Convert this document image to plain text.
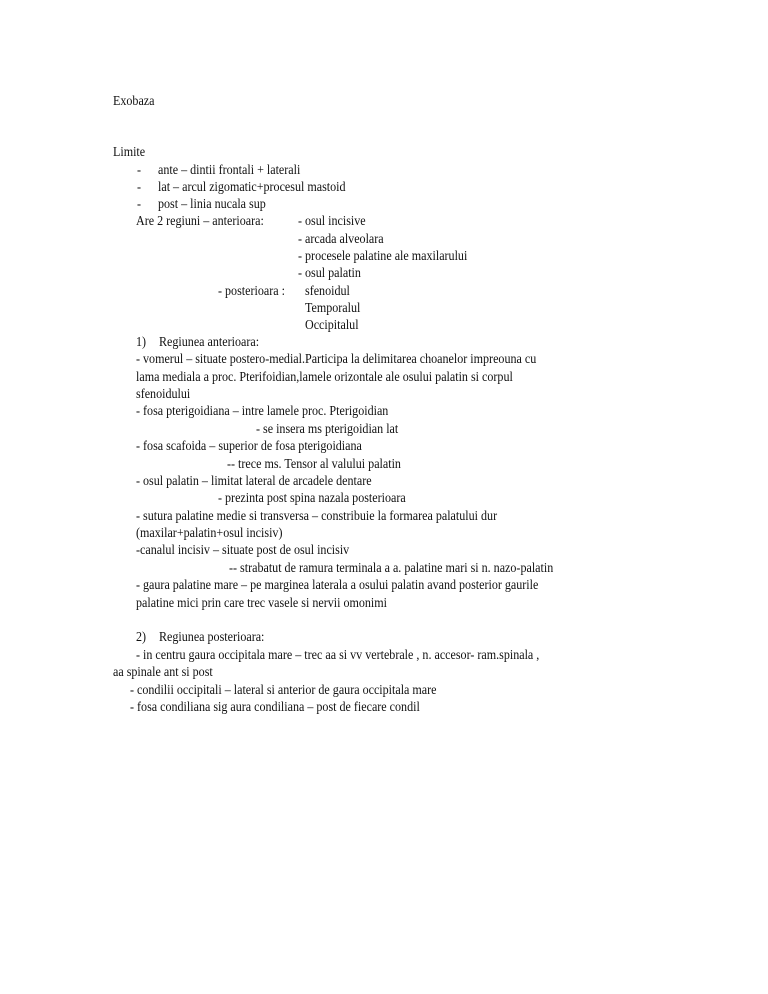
Exobaza
Limite
- ante – dintii frontali + laterali
- lat – arcul zigomatic+procesul mastoid
- post – linia nucala sup
Are 2 regiuni – anterioara:	- osul incisive
- arcada alveolara
- procesele palatine ale maxilarului
- osul palatin
- posterioara : sfenoidul
Temporalul
Occipitalul
1) Regiunea anterioara:
- vomerul – situate postero-medial.Participa la delimitarea choanelor impreouna cu
lama mediala a proc. Pterifoidian,lamele orizontale ale osului palatin si corpul
sfenoidului
- fosa pterigoidiana – intre lamele proc. Pterigoidian
- se insera ms pterigoidian lat
- fosa scafoida – superior de fosa pterigoidiana
-- trece ms. Tensor al valului palatin
- osul palatin – limitat lateral de arcadele dentare
- prezinta post spina nazala posterioara
- sutura palatine medie si transversa – constribuie la formarea palatului dur
(maxilar+palatin+osul incisiv)
-canalul incisiv – situate post de osul incisiv
-- strabatut de ramura terminala a a. palatine mari si n. nazo-palatin
- gaura palatine mare – pe marginea laterala a osului palatin avand posterior gaurile
palatine mici prin care trec vasele si nervii omonimi
2) Regiunea posterioara:
- in centru gaura occipitala mare – trec aa si vv vertebrale , n. accesor- ram.spinala ,
aa spinale ant si post
- condilii occipitali – lateral si anterior de gaura occipitala mare
- fosa condiliana sig aura condiliana – post de fiecare condil
